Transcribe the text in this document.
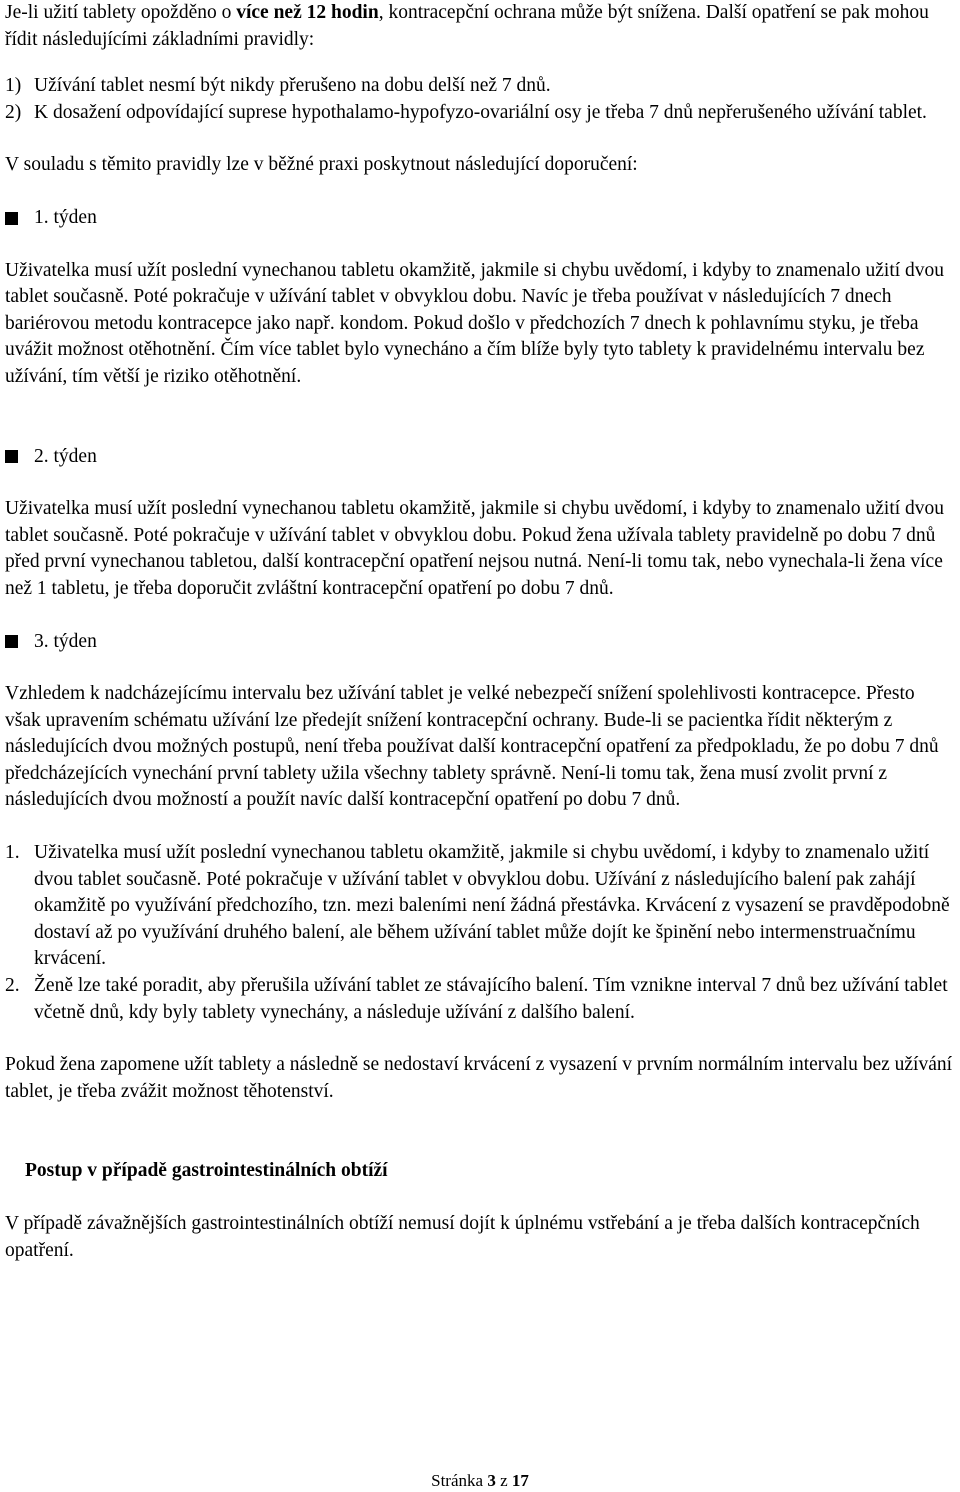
Je-li užití tablety opožděno o více než 12 hodin, kontracepční ochrana může být snížena. Další opatření se pak mohou řídit následujícími základními pravidly:

1) Užívání tablet nesmí být nikdy přerušeno na dobu delší než 7 dnů.
2) K dosažení odpovídající suprese hypothalamo-hypofyzo-ovariální osy je třeba 7 dnů nepřerušeného užívání tablet.

V souladu s těmito pravidly lze v běžné praxi poskytnout následující doporučení:

1. týden

Uživatelka musí užít poslední vynechanou tabletu okamžitě, jakmile si chybu uvědomí, i kdyby to znamenalo užití dvou tablet současně. Poté pokračuje v užívání tablet v obvyklou dobu. Navíc je třeba používat v následujících 7 dnech bariérovou metodu kontracepce jako např. kondom. Pokud došlo v předchozích 7 dnech k pohlavnímu styku, je třeba uvážit možnost otěhotnění. Čím více tablet bylo vynecháno a čím blíže byly tyto tablety k pravidelnému intervalu bez užívání, tím větší je riziko otěhotnění.

2. týden

Uživatelka musí užít poslední vynechanou tabletu okamžitě, jakmile si chybu uvědomí, i kdyby to znamenalo užití dvou tablet současně. Poté pokračuje v užívání tablet v obvyklou dobu. Pokud žena užívala tablety pravidelně po dobu 7 dnů před první vynechanou tabletou, další kontracepční opatření nejsou nutná. Není-li tomu tak, nebo vynechala-li žena více než 1 tabletu, je třeba doporučit zvláštní kontracepční opatření po dobu 7 dnů.

3. týden

Vzhledem k nadcházejícímu intervalu bez užívání tablet je velké nebezpečí snížení spolehlivosti kontracepce. Přesto však upravením schématu užívání lze předejít snížení kontracepční ochrany. Bude-li se pacientka řídit některým z následujících dvou možných postupů, není třeba používat další kontracepční opatření za předpokladu, že po dobu 7 dnů předcházejících vynechání první tablety užila všechny tablety správně. Není-li tomu tak, žena musí zvolit první z následujících dvou možností a použít navíc další kontracepční opatření po dobu 7 dnů.

1. Uživatelka musí užít poslední vynechanou tabletu okamžitě, jakmile si chybu uvědomí, i kdyby to znamenalo užití dvou tablet současně. Poté pokračuje v užívání tablet v obvyklou dobu. Užívání z následujícího balení pak zahájí okamžitě po využívání předchozího, tzn. mezi baleními není žádná přestávka. Krvácení z vysazení se pravděpodobně dostaví až po využívání druhého balení, ale během užívání tablet může dojít ke špinění nebo intermenstruačnímu krvácení.
2. Ženě lze také poradit, aby přerušila užívání tablet ze stávajícího balení. Tím vznikne interval 7 dnů bez užívání tablet včetně dnů, kdy byly tablety vynechány, a následuje užívání z dalšího balení.

Pokud žena zapomene užít tablety a následně se nedostaví krvácení z vysazení v prvním normálním intervalu bez užívání tablet, je třeba zvážit možnost těhotenství.

Postup v případě gastrointestinálních obtíží

V případě závažnějších gastrointestinálních obtíží nemusí dojít k úplnému vstřebání a je třeba dalších kontracepčních opatření.

Stránka 3 z 17
